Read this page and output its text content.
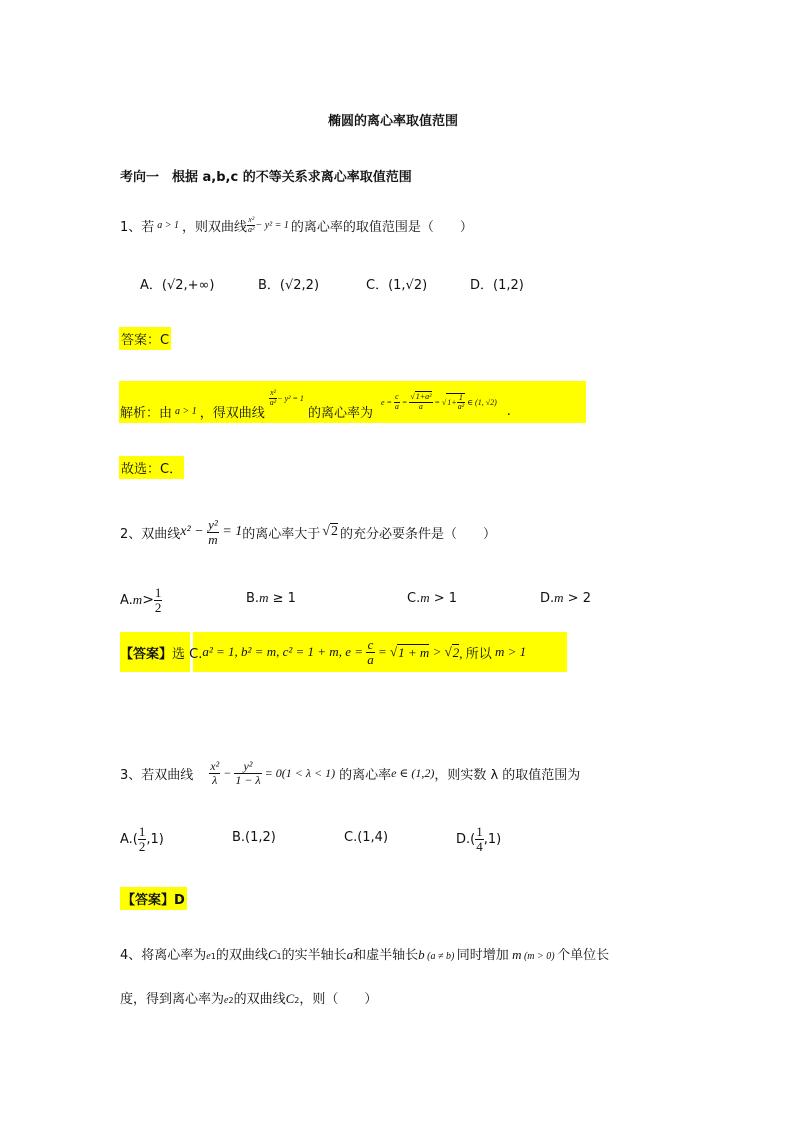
椭圆的离心率取值范围
考向一　根据 a,b,c 的不等关系求离心率取值范围
1、若 a > 1 ，则双曲线 $\frac{\text{x²}}{\text{a²}} - y^2 = 1$ 的离心率的取值范围是（　　）
A．(√2,+∞)	B．(√2,2)	C．(1,√2)	D．(1,2)
答案：C
解析：由 a > 1 ，得双曲线
$\frac{\text{x²}}{\text{a²}} - y^2 = 1$
的离心率为
$e = \frac{c}{a} = \frac{\text{√1+a²}}{a}$ = √ $1+ \frac{1}{\text{a²}}$ ∈ (1, √2)
.
故选：C．
2、双曲线 $x^2 - \frac{\text{y²}}{m} = 1$ 的离心率大于 √2 的充分必要条件是（　　）
A. $m > \frac{1}{2}$	B.m ≥ 1	C.m > 1	D.m > 2
【答案】 选 C. a² = 1, b² = m, c² = 1 + m, $e = \frac{c}{a}$ = √ 1 + m > √ 2 , 所以 m > 1
3、若双曲线 $\frac{\text{x²}}{\lambda} - \frac{\text{y²}}{1 - \lambda}$
= 0(1 < λ < 1) 的离心率 e ∈ (1,2) ，则实数 λ 的取值范围为
$A.( \frac{1}{2} ,1)$	B.(1,2)	C.(1,4)	$D.( \frac{1}{4} ,1)$
【答案】D
4、将离心率为e1的双曲线C1的实半轴长a和虚半轴长b (a ≠ b) 同时增加 m (m > 0) 个单位长
度，得到离心率为e2的双曲线C2，则（　　）
